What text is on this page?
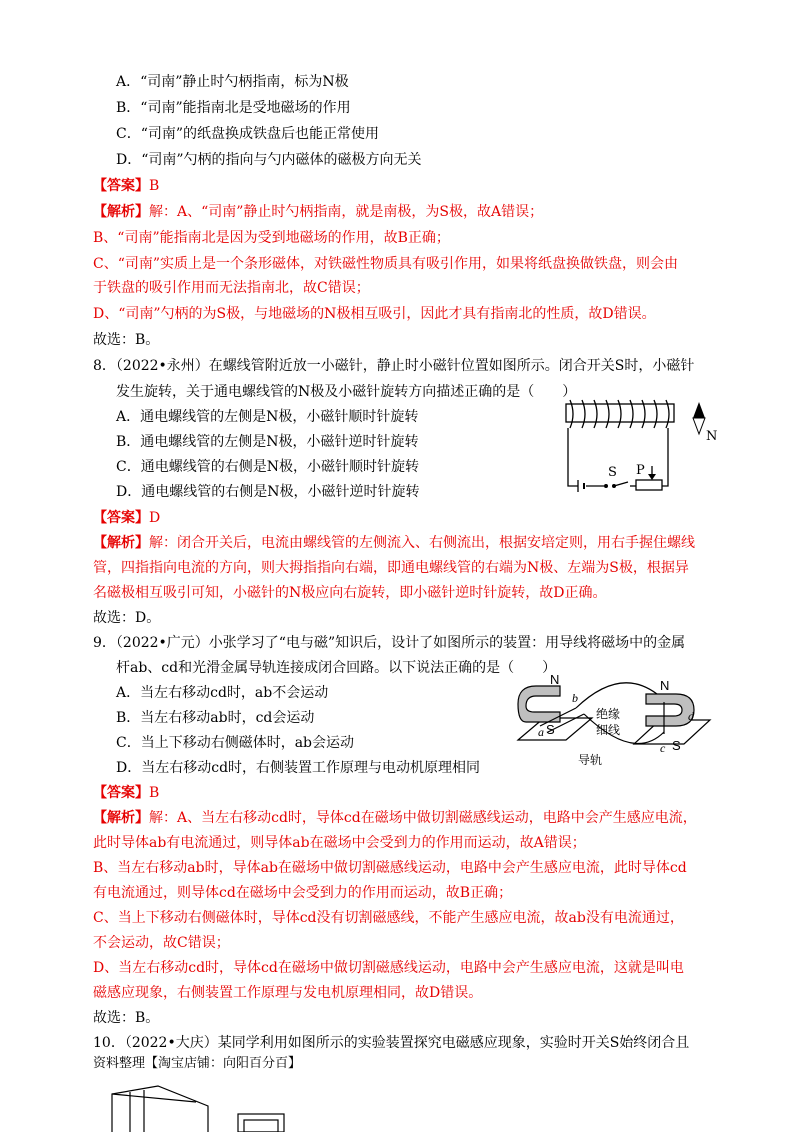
A．“司南”静止时勺柄指南，标为N极
B．“司南”能指南北是受地磁场的作用
C．“司南”的纸盘换成铁盘后也能正常使用
D．“司南”勺柄的指向与勺内磁体的磁极方向无关
【答案】B
【解析】解：A、“司南”静止时勺柄指南，就是南极，为S极，故A错误；
B、“司南”能指南北是因为受到地磁场的作用，故B正确；
C、“司南”实质上是一个条形磁体，对铁磁性物质具有吸引作用，如果将纸盘换做铁盘，则会由
于铁盘的吸引作用而无法指南北，故C错误；
D、“司南”勺柄的为S极，与地磁场的N极相互吸引，因此才具有指南北的性质，故D错误。
故选：B。
8．（2022•永州）在螺线管附近放一小磁针，静止时小磁针位置如图所示。闭合开关S时，小磁针
发生旋转，关于通电螺线管的N极及小磁针旋转方向描述正确的是（　　）
A．通电螺线管的左侧是N极，小磁针顺时针旋转
B．通电螺线管的左侧是N极，小磁针逆时针旋转
C．通电螺线管的右侧是N极，小磁针顺时针旋转
D．通电螺线管的右侧是N极，小磁针逆时针旋转
N
S P
【答案】D
【解析】解：闭合开关后，电流由螺线管的左侧流入、右侧流出，根据安培定则，用右手握住螺线
管，四指指向电流的方向，则大拇指指向右端，即通电螺线管的右端为N极、左端为S极，根据异
名磁极相互吸引可知，小磁针的N极应向右旋转，即小磁针逆时针旋转，故D正确。
故选：D。
9．（2022•广元）小张学习了“电与磁”知识后，设计了如图所示的装置：用导线将磁场中的金属
杆ab、cd和光滑金属导轨连接成闭合回路。以下说法正确的是（　　）
A．当左右移动cd时，ab不会运动
B．当左右移动ab时，cd会运动
C．当上下移动右侧磁体时，ab会运动
D．当左右移动cd时，右侧装置工作原理与电动机原理相同
N
S
a
b
绝缘
细线
导轨
N
S
d
c
【答案】B
【解析】解：A、当左右移动cd时，导体cd在磁场中做切割磁感线运动，电路中会产生感应电流，
此时导体ab有电流通过，则导体ab在磁场中会受到力的作用而运动，故A错误；
B、当左右移动ab时，导体ab在磁场中做切割磁感线运动，电路中会产生感应电流，此时导体cd
有电流通过，则导体cd在磁场中会受到力的作用而运动，故B正确；
C、当上下移动右侧磁体时，导体cd没有切割磁感线，不能产生感应电流，故ab没有电流通过，
不会运动，故C错误；
D、当左右移动cd时，导体cd在磁场中做切割磁感线运动，电路中会产生感应电流，这就是叫电
磁感应现象，右侧装置工作原理与发电机原理相同，故D错误。
故选：B。
10．（2022•大庆）某同学利用如图所示的实验装置探究电磁感应现象，实验时开关S始终闭合且
资料整理【淘宝店铺：向阳百分百】
